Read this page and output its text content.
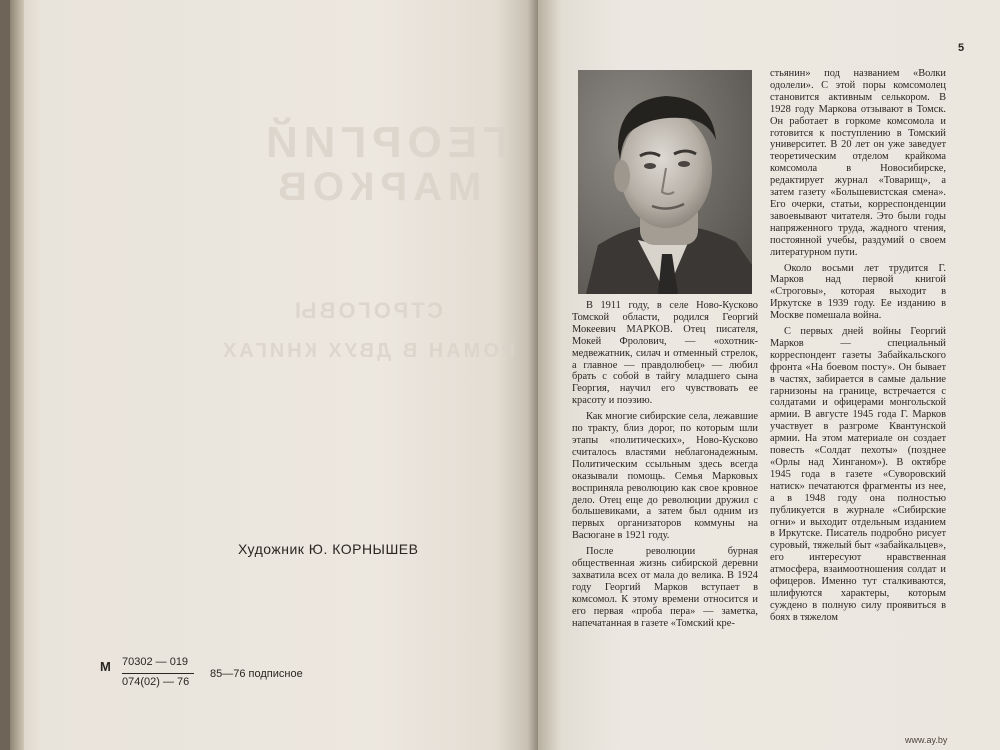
ГЕОРГИЙ
МАРКОВ
СТРОГОВЫ
РОМАН В ДВУХ КНИГАХ
Художник Ю. КОРНЫШЕВ
M 70302 — 019
074(02) — 76
85—76 подписное
5

В 1911 году, в селе Ново-Кусково Томской области, родился Георгий Мокеевич МАРКОВ. Отец писателя, Мокей Фролович, — «охотник-медвежатник, силач и отменный стрелок, а главное — правдолюбец» — любил брать с собой в тайгу младшего сына Георгия, научил его чувствовать ее красоту и поэзию.

Как многие сибирские села, лежавшие по тракту, близ дорог, по которым шли этапы «политических», Ново-Кусково считалось властями неблагонадежным. Политическим ссыльным здесь всегда оказывали помощь. Семья Марковых восприняла революцию как свое кровное дело. Отец еще до революции дружил с большевиками, а затем был одним из первых организаторов коммуны на Васюгане в 1921 году.

После революции бурная общественная жизнь сибирской деревни захватила всех от мала до велика. В 1924 году Георгий Марков вступает в комсомол. К этому времени относится и его первая «проба пера» — заметка, напечатанная в газете «Томский кре-

стьянин» под названием «Волки одолели». С этой поры комсомолец становится активным селькором. В 1928 году Маркова отзывают в Томск. Он работает в горкоме комсомола и готовится к поступлению в Томский университет. В 20 лет он уже заведует теоретическим отделом крайкома комсомола в Новосибирске, редактирует журнал «Товарищ», а затем газету «Большевистская смена». Его очерки, статьи, корреспонденции завоевывают читателя. Это были годы напряженного труда, жадного чтения, постоянной учебы, раздумий о своем литературном пути.

Около восьми лет трудится Г. Марков над первой книгой «Строговы», которая выходит в Иркутске в 1939 году. Ее изданию в Москве помешала война.

С первых дней войны Георгий Марков — специальный корреспондент газеты Забайкальского фронта «На боевом посту». Он бывает в частях, забирается в самые дальние гарнизоны на границе, встречается с солдатами и офицерами монгольской армии. В августе 1945 года Г. Марков участвует в разгроме Квантунской армии. На этом материале он создает повесть «Солдат пехоты» (позднее «Орлы над Хинганом»). В октябре 1945 года в газете «Суворовский натиск» печатаются фрагменты из нее, а в 1948 году она полностью публикуется в журнале «Сибирские огни» и выходит отдельным изданием в Иркутске. Писатель подробно рисует суровый, тяжелый быт «забайкальцев», его интересуют нравственная атмосфера, взаимоотношения солдат и офицеров. Именно тут сталкиваются, шлифуются характеры, которым суждено в полную силу проявиться в боях в тяжелом

www.ay.by
